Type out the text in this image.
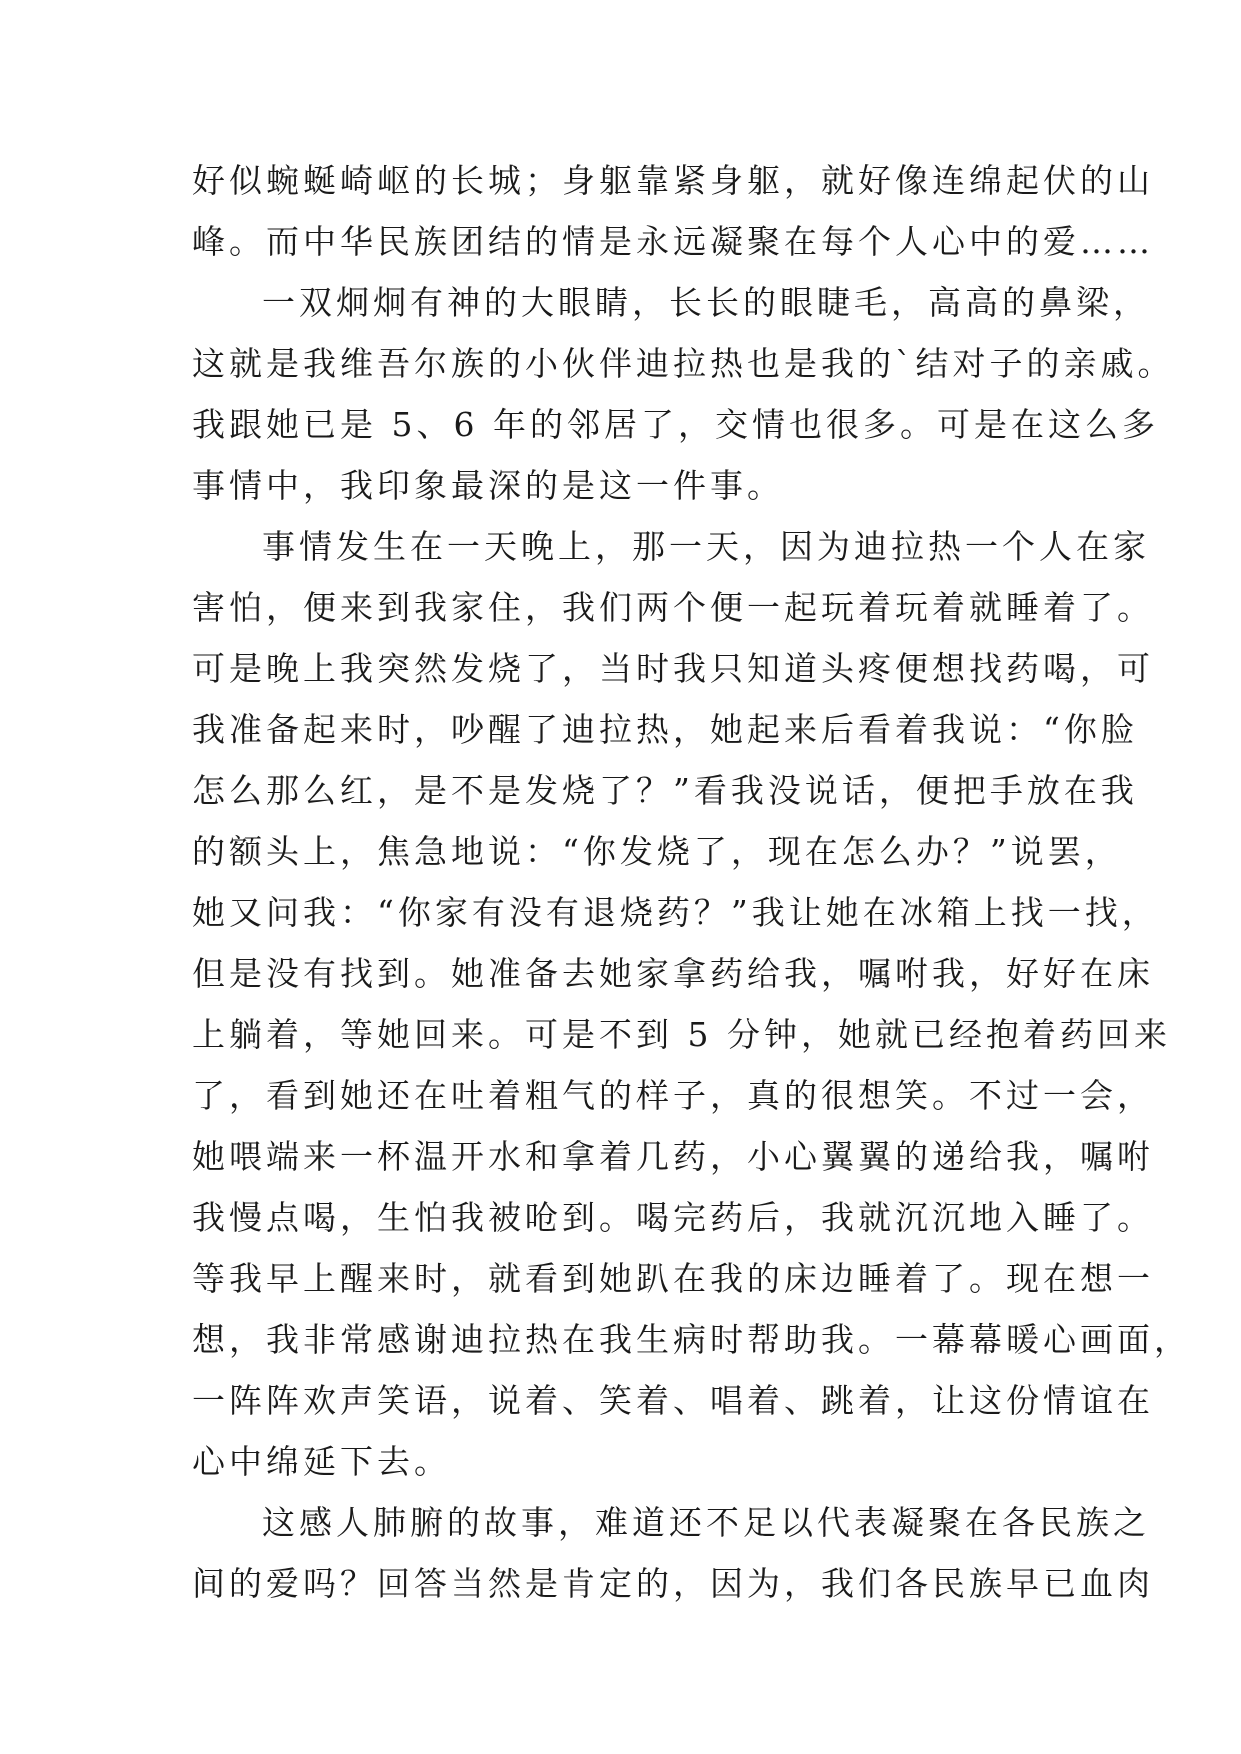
好似蜿蜒崎岖的长城；身躯靠紧身躯，就好像连绵起伏的山
峰。而中华民族团结的情是永远凝聚在每个人心中的爱……
一双炯炯有神的大眼睛，长长的眼睫毛，高高的鼻梁，
这就是我维吾尔族的小伙伴迪拉热也是我的`结对子的亲戚。
我跟她已是 5、6 年的邻居了，交情也很多。可是在这么多
事情中，我印象最深的是这一件事。
事情发生在一天晚上，那一天，因为迪拉热一个人在家
害怕，便来到我家住，我们两个便一起玩着玩着就睡着了。
可是晚上我突然发烧了，当时我只知道头疼便想找药喝，可
我准备起来时，吵醒了迪拉热，她起来后看着我说：“你脸
怎么那么红，是不是发烧了？”看我没说话，便把手放在我
的额头上，焦急地说：“你发烧了，现在怎么办？”说罢，
她又问我：“你家有没有退烧药？”我让她在冰箱上找一找，
但是没有找到。她准备去她家拿药给我，嘱咐我，好好在床
上躺着，等她回来。可是不到 5 分钟，她就已经抱着药回来
了，看到她还在吐着粗气的样子，真的很想笑。不过一会，
她喂端来一杯温开水和拿着几药，小心翼翼的递给我，嘱咐
我慢点喝，生怕我被呛到。喝完药后，我就沉沉地入睡了。
等我早上醒来时，就看到她趴在我的床边睡着了。现在想一
想，我非常感谢迪拉热在我生病时帮助我。一幕幕暖心画面，
一阵阵欢声笑语，说着、笑着、唱着、跳着，让这份情谊在
心中绵延下去。
这感人肺腑的故事，难道还不足以代表凝聚在各民族之
间的爱吗？回答当然是肯定的，因为，我们各民族早已血肉
